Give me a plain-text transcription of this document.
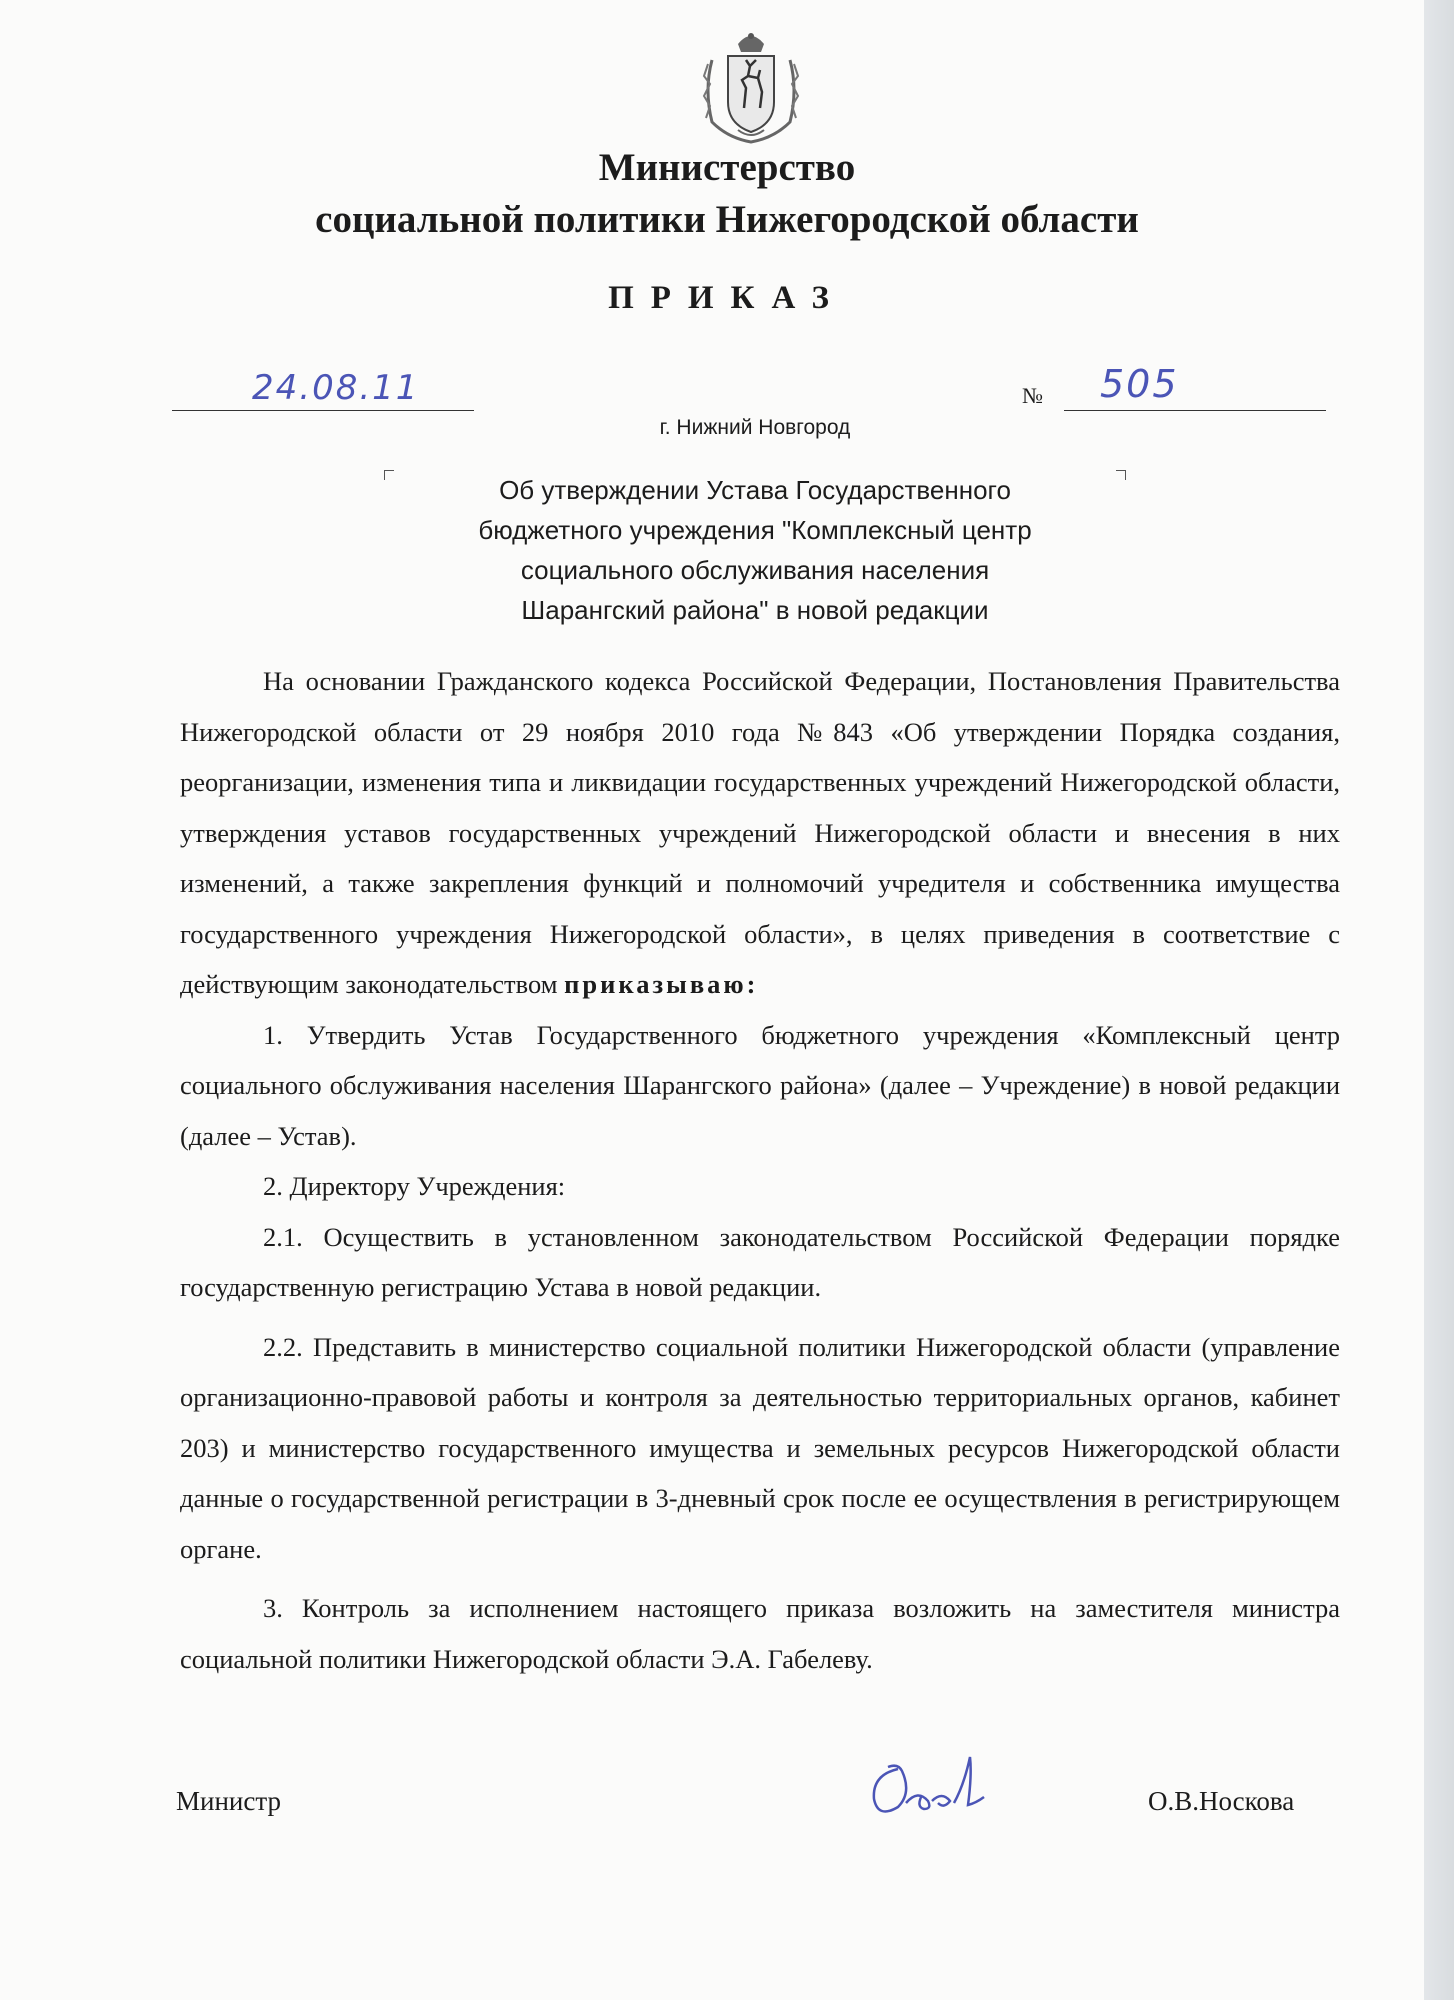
Министерство
социальной политики Нижегородской области
ПРИКАЗ
24.08.11	№ 505
г. Нижний Новгород
Об утверждении Устава Государственного
бюджетного учреждения "Комплексный центр
социального обслуживания населения
Шарангский района" в новой редакции

На основании Гражданского кодекса Российской Федерации, Постановления Правительства Нижегородской области от 29 ноября 2010 года №843 «Об утверждении Порядка создания, реорганизации, изменения типа и ликвидации государственных учреждений Нижегородской области, утверждения уставов государственных учреждений Нижегородской области и внесения в них изменений, а также закрепления функций и полномочий учредителя и собственника имущества государственного учреждения Нижегородской области», в целях приведения в соответствие с действующим законодательством приказываю:

1. Утвердить Устав Государственного бюджетного учреждения «Комплексный центр социального обслуживания населения Шарангского района» (далее – Учреждение) в новой редакции (далее – Устав).

2. Директору Учреждения:

2.1. Осуществить в установленном законодательством Российской Федерации порядке государственную регистрацию Устава в новой редакции.

2.2. Представить в министерство социальной политики Нижегородской области (управление организационно-правовой работы и контроля за деятельностью территориальных органов, кабинет 203) и министерство государственного имущества и земельных ресурсов Нижегородской области данные о государственной регистрации в 3-дневный срок после ее осуществления в регистрирующем органе.

3. Контроль за исполнением настоящего приказа возложить на заместителя министра социальной политики Нижегородской области Э.А. Габелеву.

Министр	О.В.Носкова
